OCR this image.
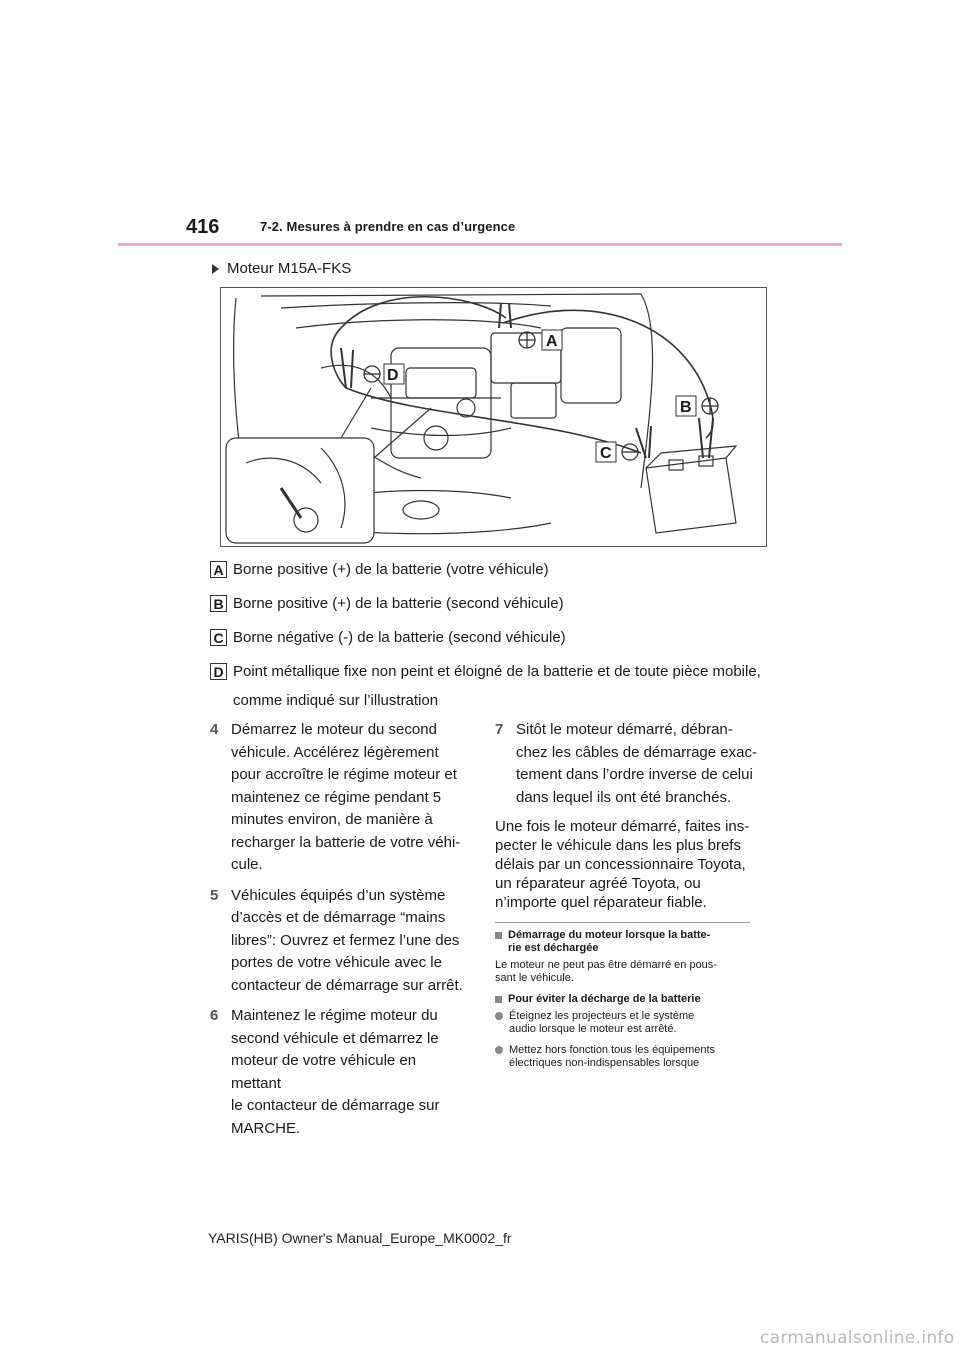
416	7-2. Mesures à prendre en cas d’urgence
Moteur M15A-FKS
A
B
C
D
A Borne positive (+) de la batterie (votre véhicule)
B Borne positive (+) de la batterie (second véhicule)
C Borne négative (-) de la batterie (second véhicule)
D Point métallique fixe non peint et éloigné de la batterie et de toute pièce mobile,
comme indiqué sur l’illustration
4 Démarrez le moteur du second
véhicule. Accélérez légèrement
pour accroître le régime moteur et
maintenez ce régime pendant 5
minutes environ, de manière à
recharger la batterie de votre véhi-
cule.
5 Véhicules équipés d’un système
d’accès et de démarrage “mains
libres”: Ouvrez et fermez l’une des
portes de votre véhicule avec le
contacteur de démarrage sur arrêt.
6 Maintenez le régime moteur du
second véhicule et démarrez le
moteur de votre véhicule en mettant
le contacteur de démarrage sur
MARCHE.
7 Sitôt le moteur démarré, débran-
chez les câbles de démarrage exac-
tement dans l’ordre inverse de celui
dans lequel ils ont été branchés.
Une fois le moteur démarré, faites ins-
pecter le véhicule dans les plus brefs
délais par un concessionnaire Toyota,
un réparateur agréé Toyota, ou
n’importe quel réparateur fiable.
Démarrage du moteur lorsque la batte-
rie est déchargée
Le moteur ne peut pas être démarré en pous-
sant le véhicule.
Pour éviter la décharge de la batterie
Éteignez les projecteurs et le système
audio lorsque le moteur est arrêté.
Mettez hors fonction tous les équipements
électriques non-indispensables lorsque
YARIS(HB) Owner's Manual_Europe_MK0002_fr
carmanualsonline.info
